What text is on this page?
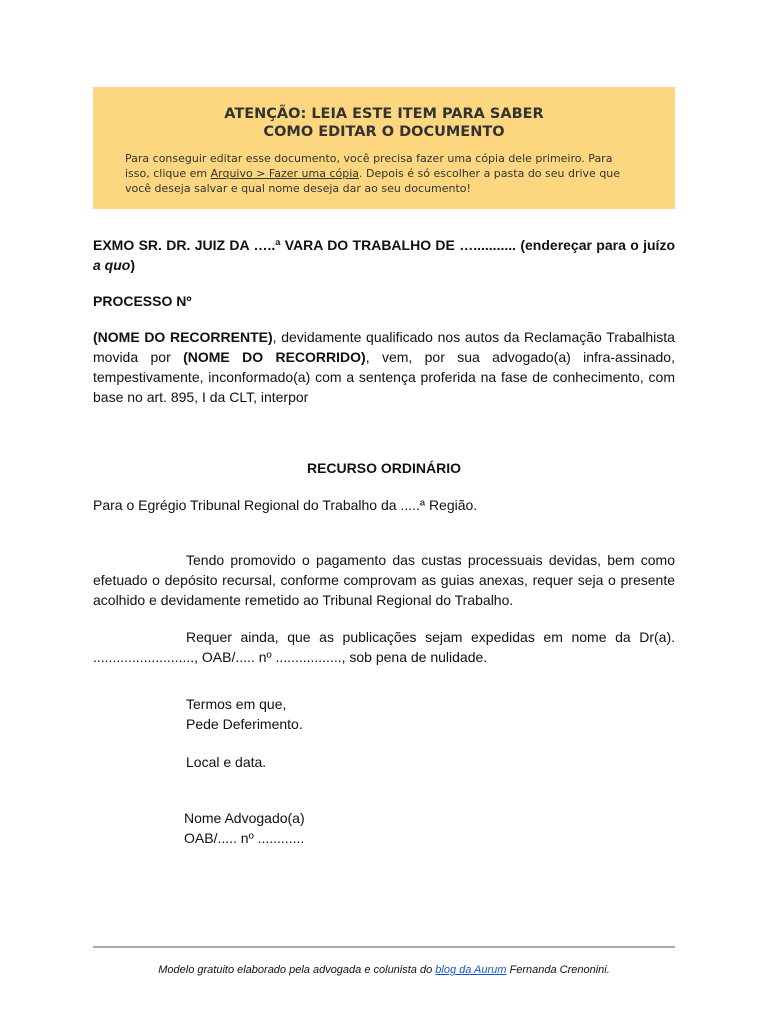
ATENÇÃO: LEIA ESTE ITEM PARA SABER
COMO EDITAR O DOCUMENTO

Para conseguir editar esse documento, você precisa fazer uma cópia dele primeiro. Para isso, clique em Arquivo > Fazer uma cópia. Depois é só escolher a pasta do seu drive que você deseja salvar e qual nome deseja dar ao seu documento!

EXMO SR. DR. JUIZ DA …..ª VARA DO TRABALHO DE …........... (endereçar para o juízo a quo)
PROCESSO Nº
(NOME DO RECORRENTE), devidamente qualificado nos autos da Reclamação Trabalhista movida por (NOME DO RECORRIDO), vem, por sua advogado(a) infra-assinado, tempestivamente, inconformado(a) com a sentença proferida na fase de conhecimento, com base no art. 895, I da CLT, interpor
RECURSO ORDINÁRIO
Para o Egrégio Tribunal Regional do Trabalho da .....ª Região.
Tendo promovido o pagamento das custas processuais devidas, bem como efetuado o depósito recursal, conforme comprovam as guias anexas, requer seja o presente acolhido e devidamente remetido ao Tribunal Regional do Trabalho.
Requer ainda, que as publicações sejam expedidas em nome da Dr(a). .........................., OAB/..... nº ................., sob pena de nulidade.
Termos em que,
Pede Deferimento.
Local e data.
Nome Advogado(a)
OAB/..... nº ............
Modelo gratuito elaborado pela advogada e colunista do blog da Aurum Fernanda Crenonini.
